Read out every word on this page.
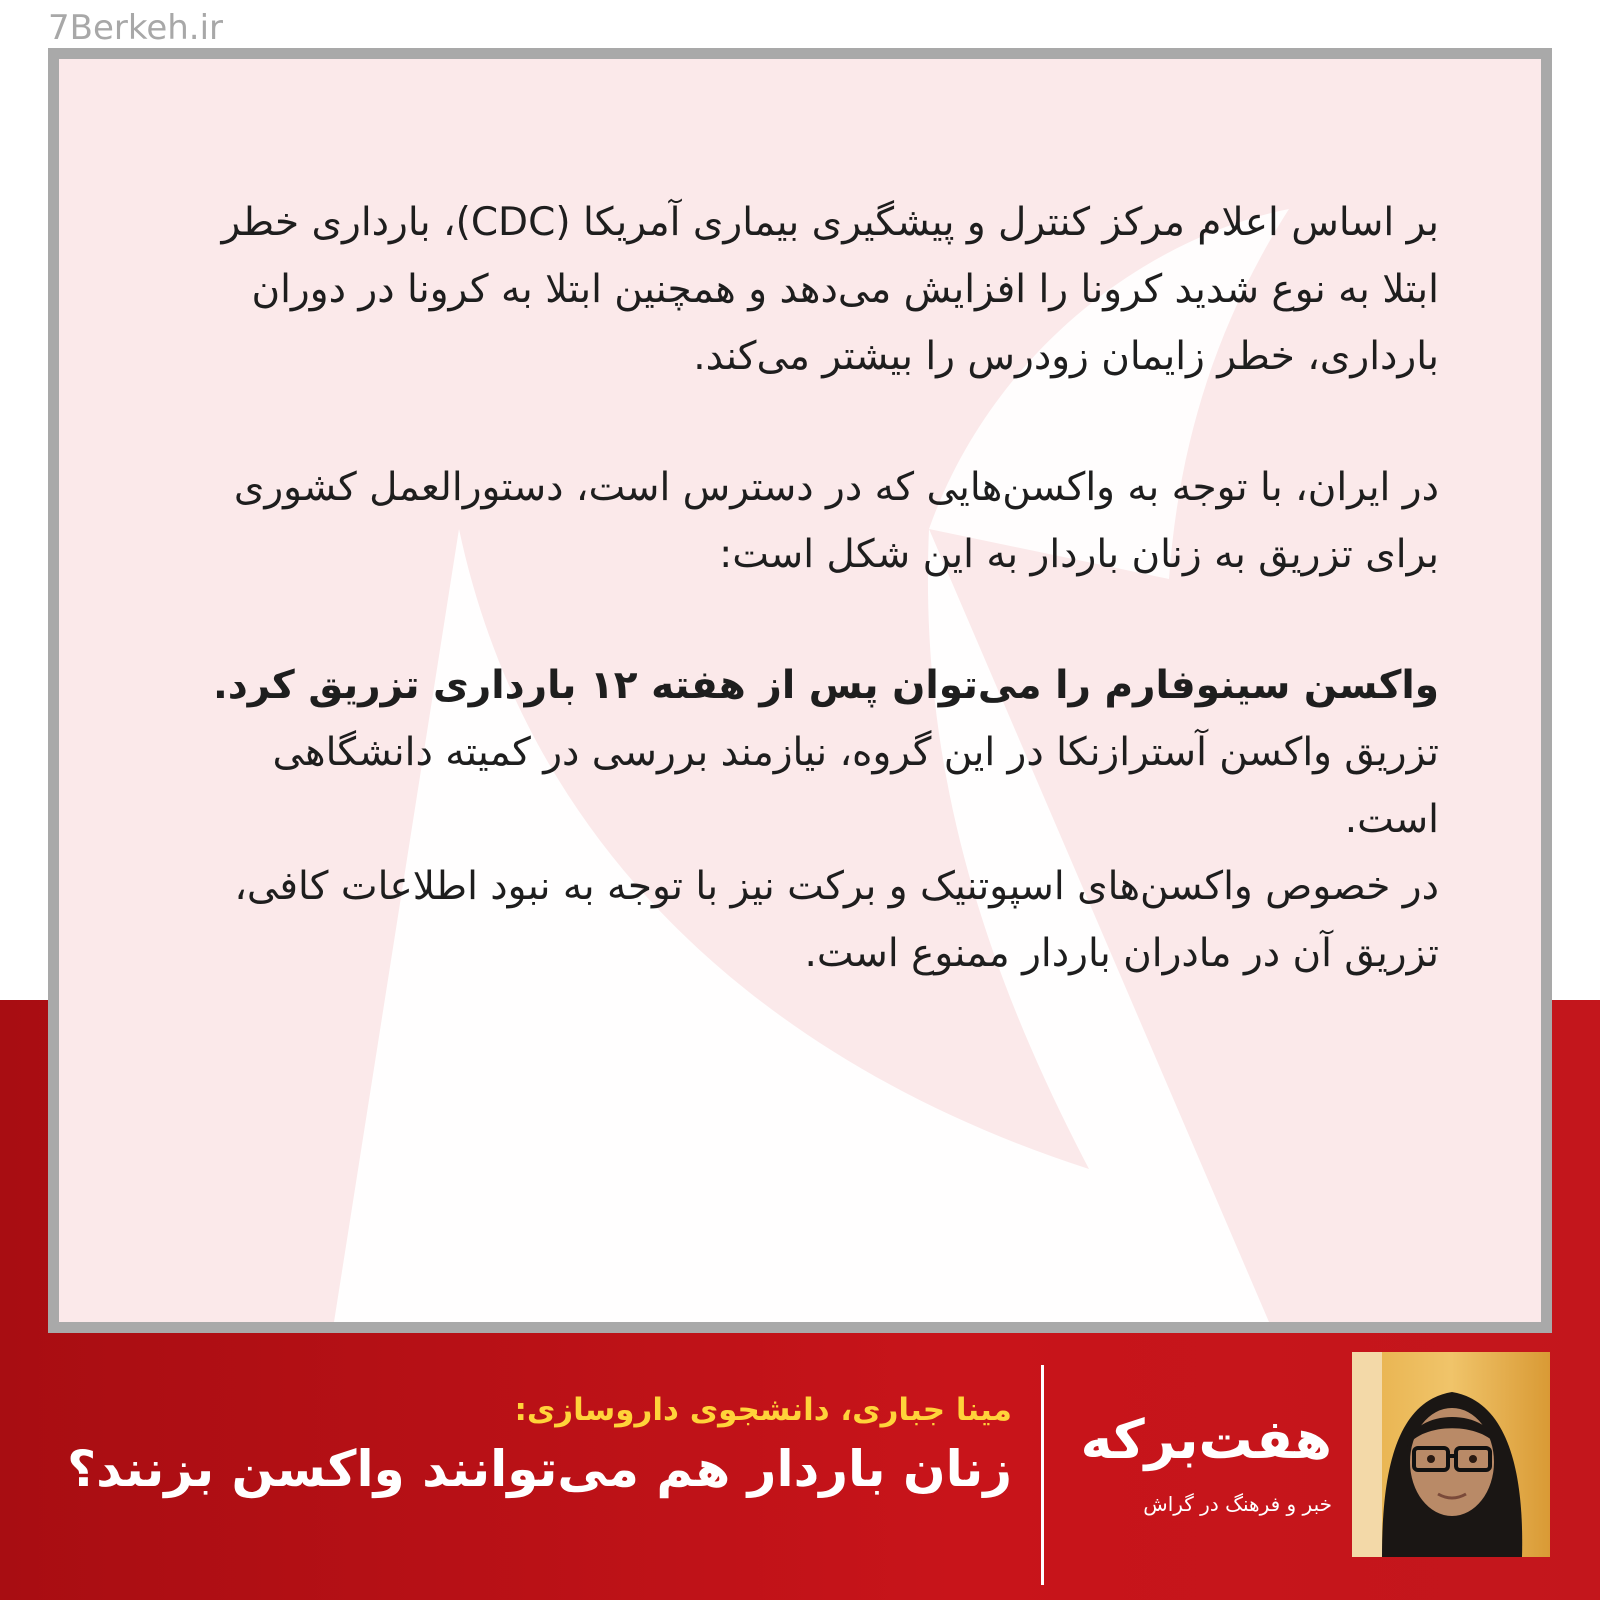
7Berkeh.ir

بر اساس اعلام مرکز کنترل و پیشگیری بیماری آمریکا (CDC)، بارداری خطر ابتلا به نوع شدید کرونا را افزایش می‌دهد و همچنین ابتلا به کرونا در دوران بارداری، خطر زایمان زودرس را بیشتر می‌کند.

در ایران، با توجه به واکسن‌هایی که در دسترس است، دستورالعمل کشوری برای تزریق به زنان باردار به این شکل است:

واکسن سینوفارم را می‌توان پس از هفته ۱۲ بارداری تزریق کرد.

تزریق واکسن آسترازنکا در این گروه، نیازمند بررسی در کمیته دانشگاهی است.

در خصوص واکسن‌های اسپوتنیک و برکت نیز با توجه به نبود اطلاعات کافی، تزریق آن در مادران باردار ممنوع است.

مینا جباری، دانشجوی داروسازی:
زنان باردار هم می‌توانند واکسن بزنند؟	هفت‌برکه
خبر و فرهنگ در گراش
